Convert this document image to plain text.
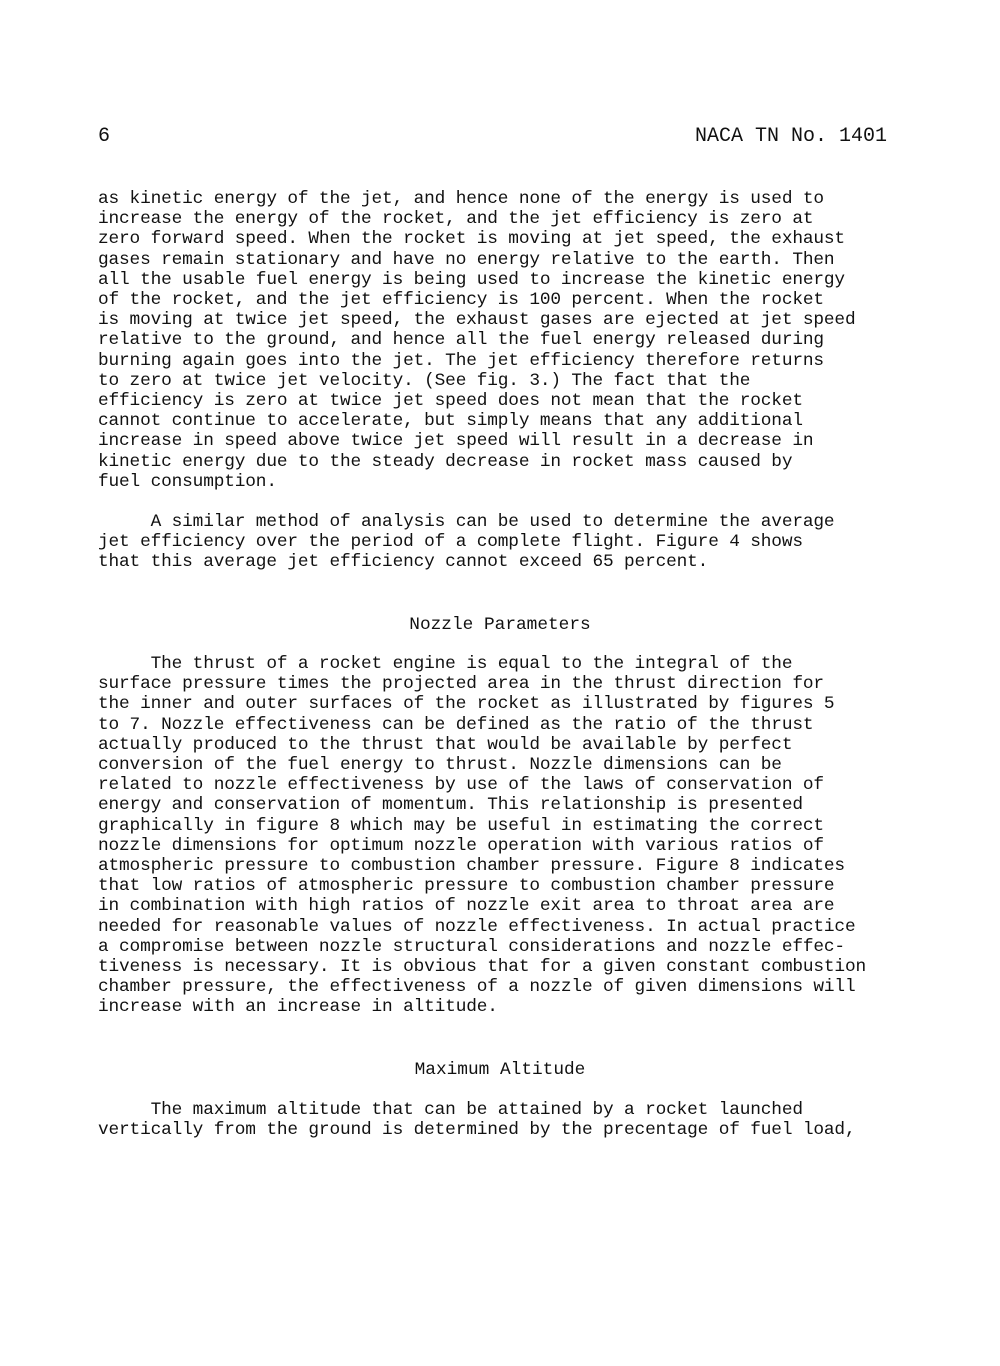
6	NACA TN No. 1401

as kinetic energy of the jet, and hence none of the energy is used to
increase the energy of the rocket, and the jet efficiency is zero at
zero forward speed. When the rocket is moving at jet speed, the exhaust
gases remain stationary and have no energy relative to the earth. Then
all the usable fuel energy is being used to increase the kinetic energy
of the rocket, and the jet efficiency is 100 percent. When the rocket
is moving at twice jet speed, the exhaust gases are ejected at jet speed
relative to the ground, and hence all the fuel energy released during
burning again goes into the jet. The jet efficiency therefore returns
to zero at twice jet velocity. (See fig. 3.) The fact that the
efficiency is zero at twice jet speed does not mean that the rocket
cannot continue to accelerate, but simply means that any additional
increase in speed above twice jet speed will result in a decrease in
kinetic energy due to the steady decrease in rocket mass caused by
fuel consumption.

A similar method of analysis can be used to determine the average
jet efficiency over the period of a complete flight. Figure 4 shows
that this average jet efficiency cannot exceed 65 percent.

Nozzle Parameters

The thrust of a rocket engine is equal to the integral of the
surface pressure times the projected area in the thrust direction for
the inner and outer surfaces of the rocket as illustrated by figures 5
to 7. Nozzle effectiveness can be defined as the ratio of the thrust
actually produced to the thrust that would be available by perfect
conversion of the fuel energy to thrust. Nozzle dimensions can be
related to nozzle effectiveness by use of the laws of conservation of
energy and conservation of momentum. This relationship is presented
graphically in figure 8 which may be useful in estimating the correct
nozzle dimensions for optimum nozzle operation with various ratios of
atmospheric pressure to combustion chamber pressure. Figure 8 indicates
that low ratios of atmospheric pressure to combustion chamber pressure
in combination with high ratios of nozzle exit area to throat area are
needed for reasonable values of nozzle effectiveness. In actual practice
a compromise between nozzle structural considerations and nozzle effec-
tiveness is necessary. It is obvious that for a given constant combustion
chamber pressure, the effectiveness of a nozzle of given dimensions will
increase with an increase in altitude.

Maximum Altitude

The maximum altitude that can be attained by a rocket launched
vertically from the ground is determined by the precentage of fuel load,
